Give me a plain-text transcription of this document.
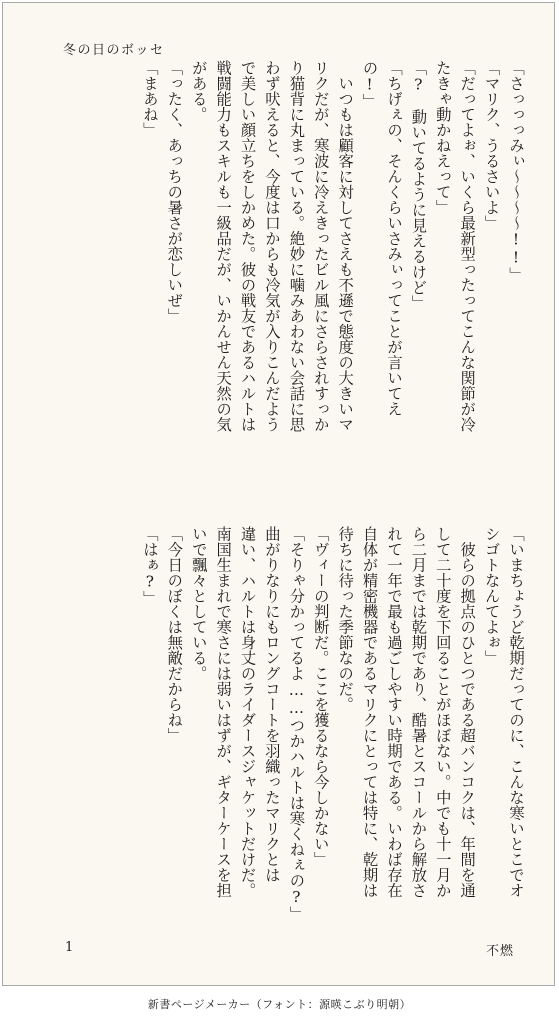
冬の日のボッセ
「さっっっみぃ〜〜〜〜!!」
「マリク、うるさいよ」
「だってよぉ、いくら最新型ったってこんな関節が冷
たきゃ動かねえって」
「?　動いてるように見えるけど」
「ちげぇの、そんくらいさみぃってことが言いてえ
の!」
　いつもは顧客に対してさえも不遜で態度の大きいマ
リクだが、寒波に冷えきったビル風にさらされすっか
り猫背に丸まっている。絶妙に噛みあわない会話に思
わず吠えると、今度は口からも冷気が入りこんだよう
で美しい顔立ちをしかめた。彼の戦友であるハルトは
戦闘能力もスキルも一級品だが、いかんせん天然の気
がある。
「ったく、あっちの暑さが恋しいぜ」
「まあね」
「いまちょうど乾期だってのに、こんな寒いとこでオ
シゴトなんてよぉ」
　彼らの拠点のひとつである超バンコクは、年間を通
して二十度を下回ることがほぼない。中でも十一月か
ら二月までは乾期であり、酷暑とスコールから解放さ
れて一年で最も過ごしやすい時期である。いわば存在
自体が精密機器であるマリクにとっては特に、乾期は
待ちに待った季節なのだ。
「ヴィーの判断だ。ここを獲るなら今しかない」
「そりゃ分かってるよ……つかハルトは寒くねぇの?」
曲がりなりにもロングコートを羽織ったマリクとは
違い、ハルトは身丈のライダースジャケットだけだ。
南国生まれで寒さには弱いはずが、ギターケースを担
いで飄々としている。
「今日のぼくは無敵だからね」
「はぁ?」
1	不燃
新書ページメーカー（フォント：源暎こぶり明朝）
